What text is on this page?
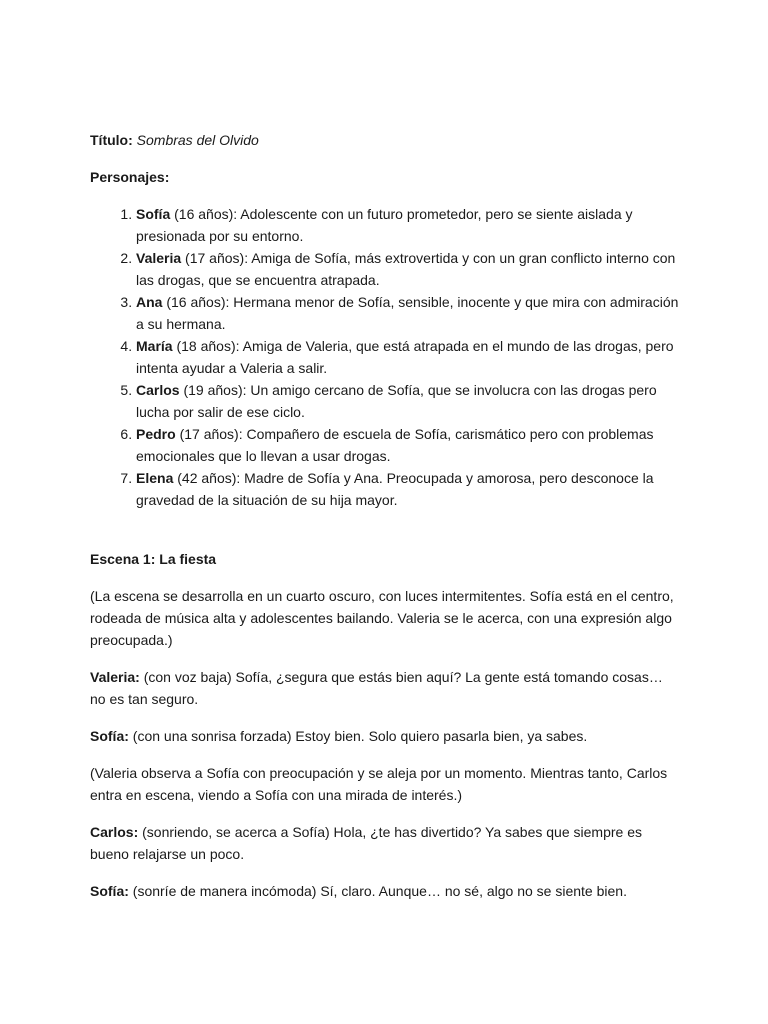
Título: Sombras del Olvido

Personajes:

1. Sofía (16 años): Adolescente con un futuro prometedor, pero se siente aislada y presionada por su entorno.
2. Valeria (17 años): Amiga de Sofía, más extrovertida y con un gran conflicto interno con las drogas, que se encuentra atrapada.
3. Ana (16 años): Hermana menor de Sofía, sensible, inocente y que mira con admiración a su hermana.
4. María (18 años): Amiga de Valeria, que está atrapada en el mundo de las drogas, pero intenta ayudar a Valeria a salir.
5. Carlos (19 años): Un amigo cercano de Sofía, que se involucra con las drogas pero lucha por salir de ese ciclo.
6. Pedro (17 años): Compañero de escuela de Sofía, carismático pero con problemas emocionales que lo llevan a usar drogas.
7. Elena (42 años): Madre de Sofía y Ana. Preocupada y amorosa, pero desconoce la gravedad de la situación de su hija mayor.

Escena 1: La fiesta

(La escena se desarrolla en un cuarto oscuro, con luces intermitentes. Sofía está en el centro, rodeada de música alta y adolescentes bailando. Valeria se le acerca, con una expresión algo preocupada.)

Valeria: (con voz baja) Sofía, ¿segura que estás bien aquí? La gente está tomando cosas… no es tan seguro.

Sofía: (con una sonrisa forzada) Estoy bien. Solo quiero pasarla bien, ya sabes.

(Valeria observa a Sofía con preocupación y se aleja por un momento. Mientras tanto, Carlos entra en escena, viendo a Sofía con una mirada de interés.)

Carlos: (sonriendo, se acerca a Sofía) Hola, ¿te has divertido? Ya sabes que siempre es bueno relajarse un poco.

Sofía: (sonríe de manera incómoda) Sí, claro. Aunque… no sé, algo no se siente bien.
